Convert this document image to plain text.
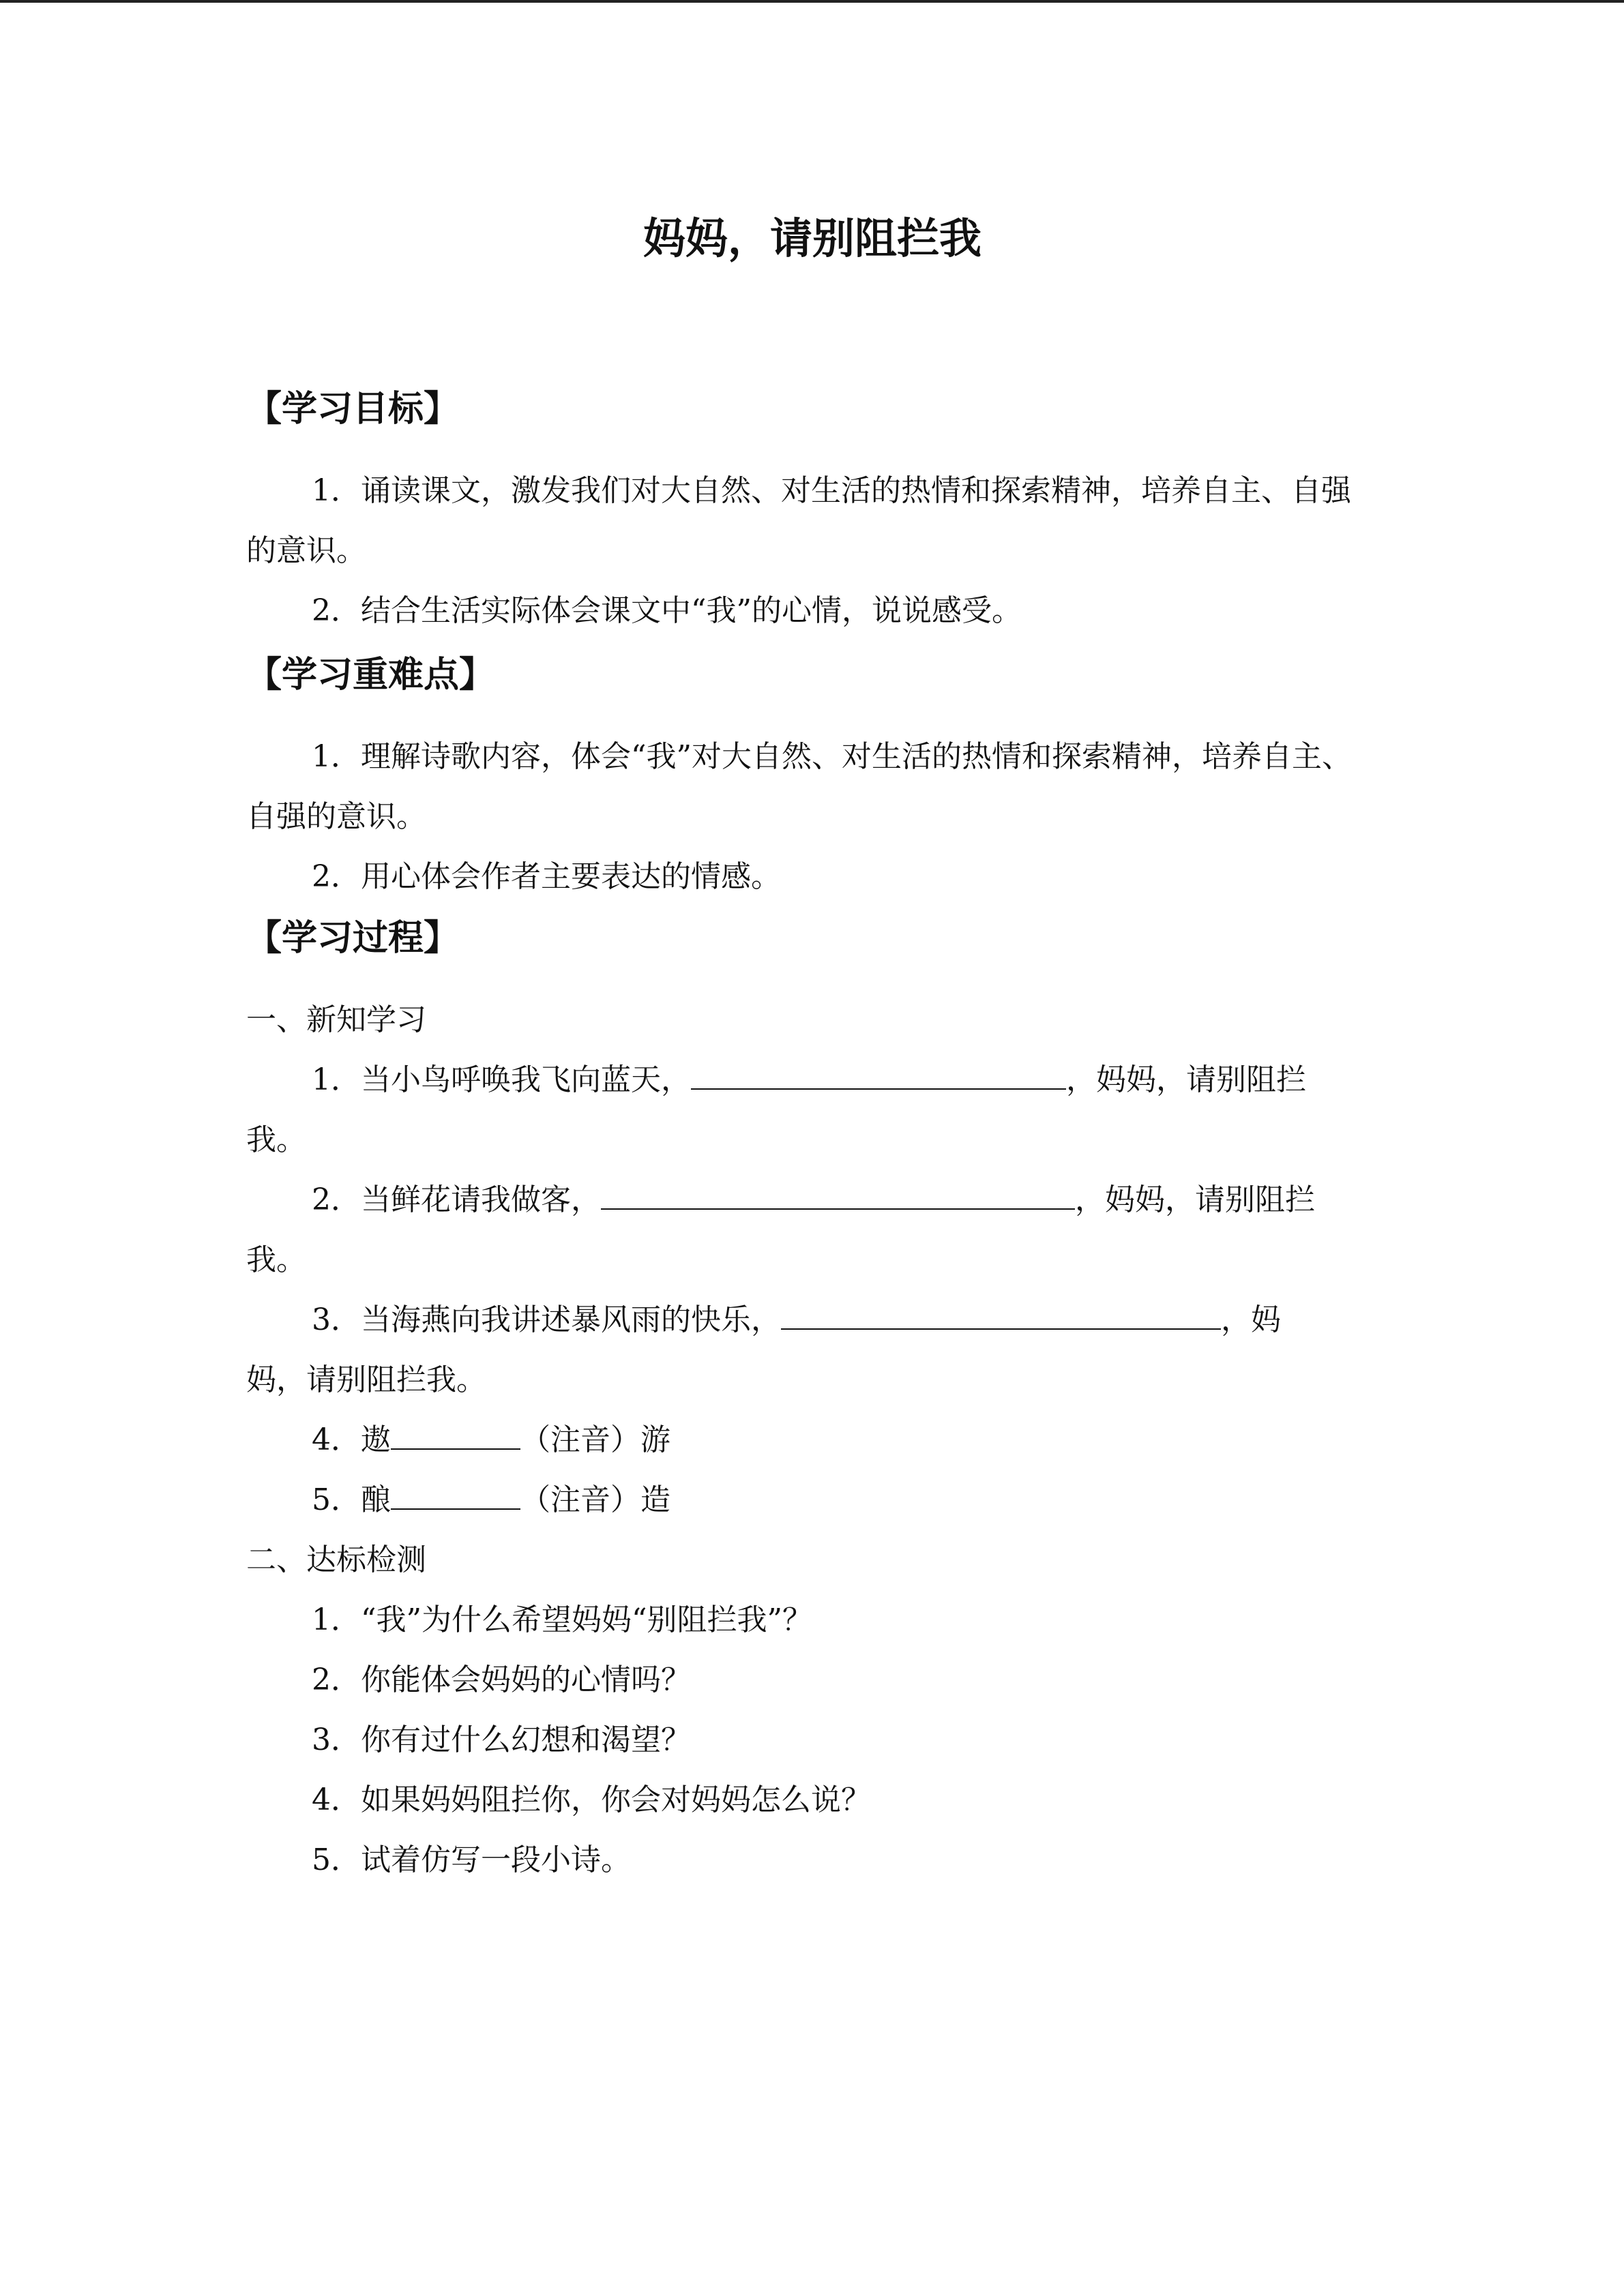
妈妈，请别阻拦我
【学习目标】

1．诵读课文，激发我们对大自然、对生活的热情和探索精神，培养自主、自强的意识。

2．结合生活实际体会课文中“我”的心情，说说感受。

【学习重难点】

1．理解诗歌内容，体会“我”对大自然、对生活的热情和探索精神，培养自主、自强的意识。

2．用心体会作者主要表达的情感。

【学习过程】

一、新知学习

1．当小鸟呼唤我飞向蓝天，	，妈妈，请别阻拦

我。

2．当鲜花请我做客，	，妈妈，请别阻拦

我。

3．当海燕向我讲述暴风雨的快乐，	，妈

妈，请别阻拦我。

4．遨	（注音）游

5．酿	（注音）造

二、达标检测

1．“我”为什么希望妈妈“别阻拦我”？

2．你能体会妈妈的心情吗？

3．你有过什么幻想和渴望？

4．如果妈妈阻拦你，你会对妈妈怎么说？

5．试着仿写一段小诗。
